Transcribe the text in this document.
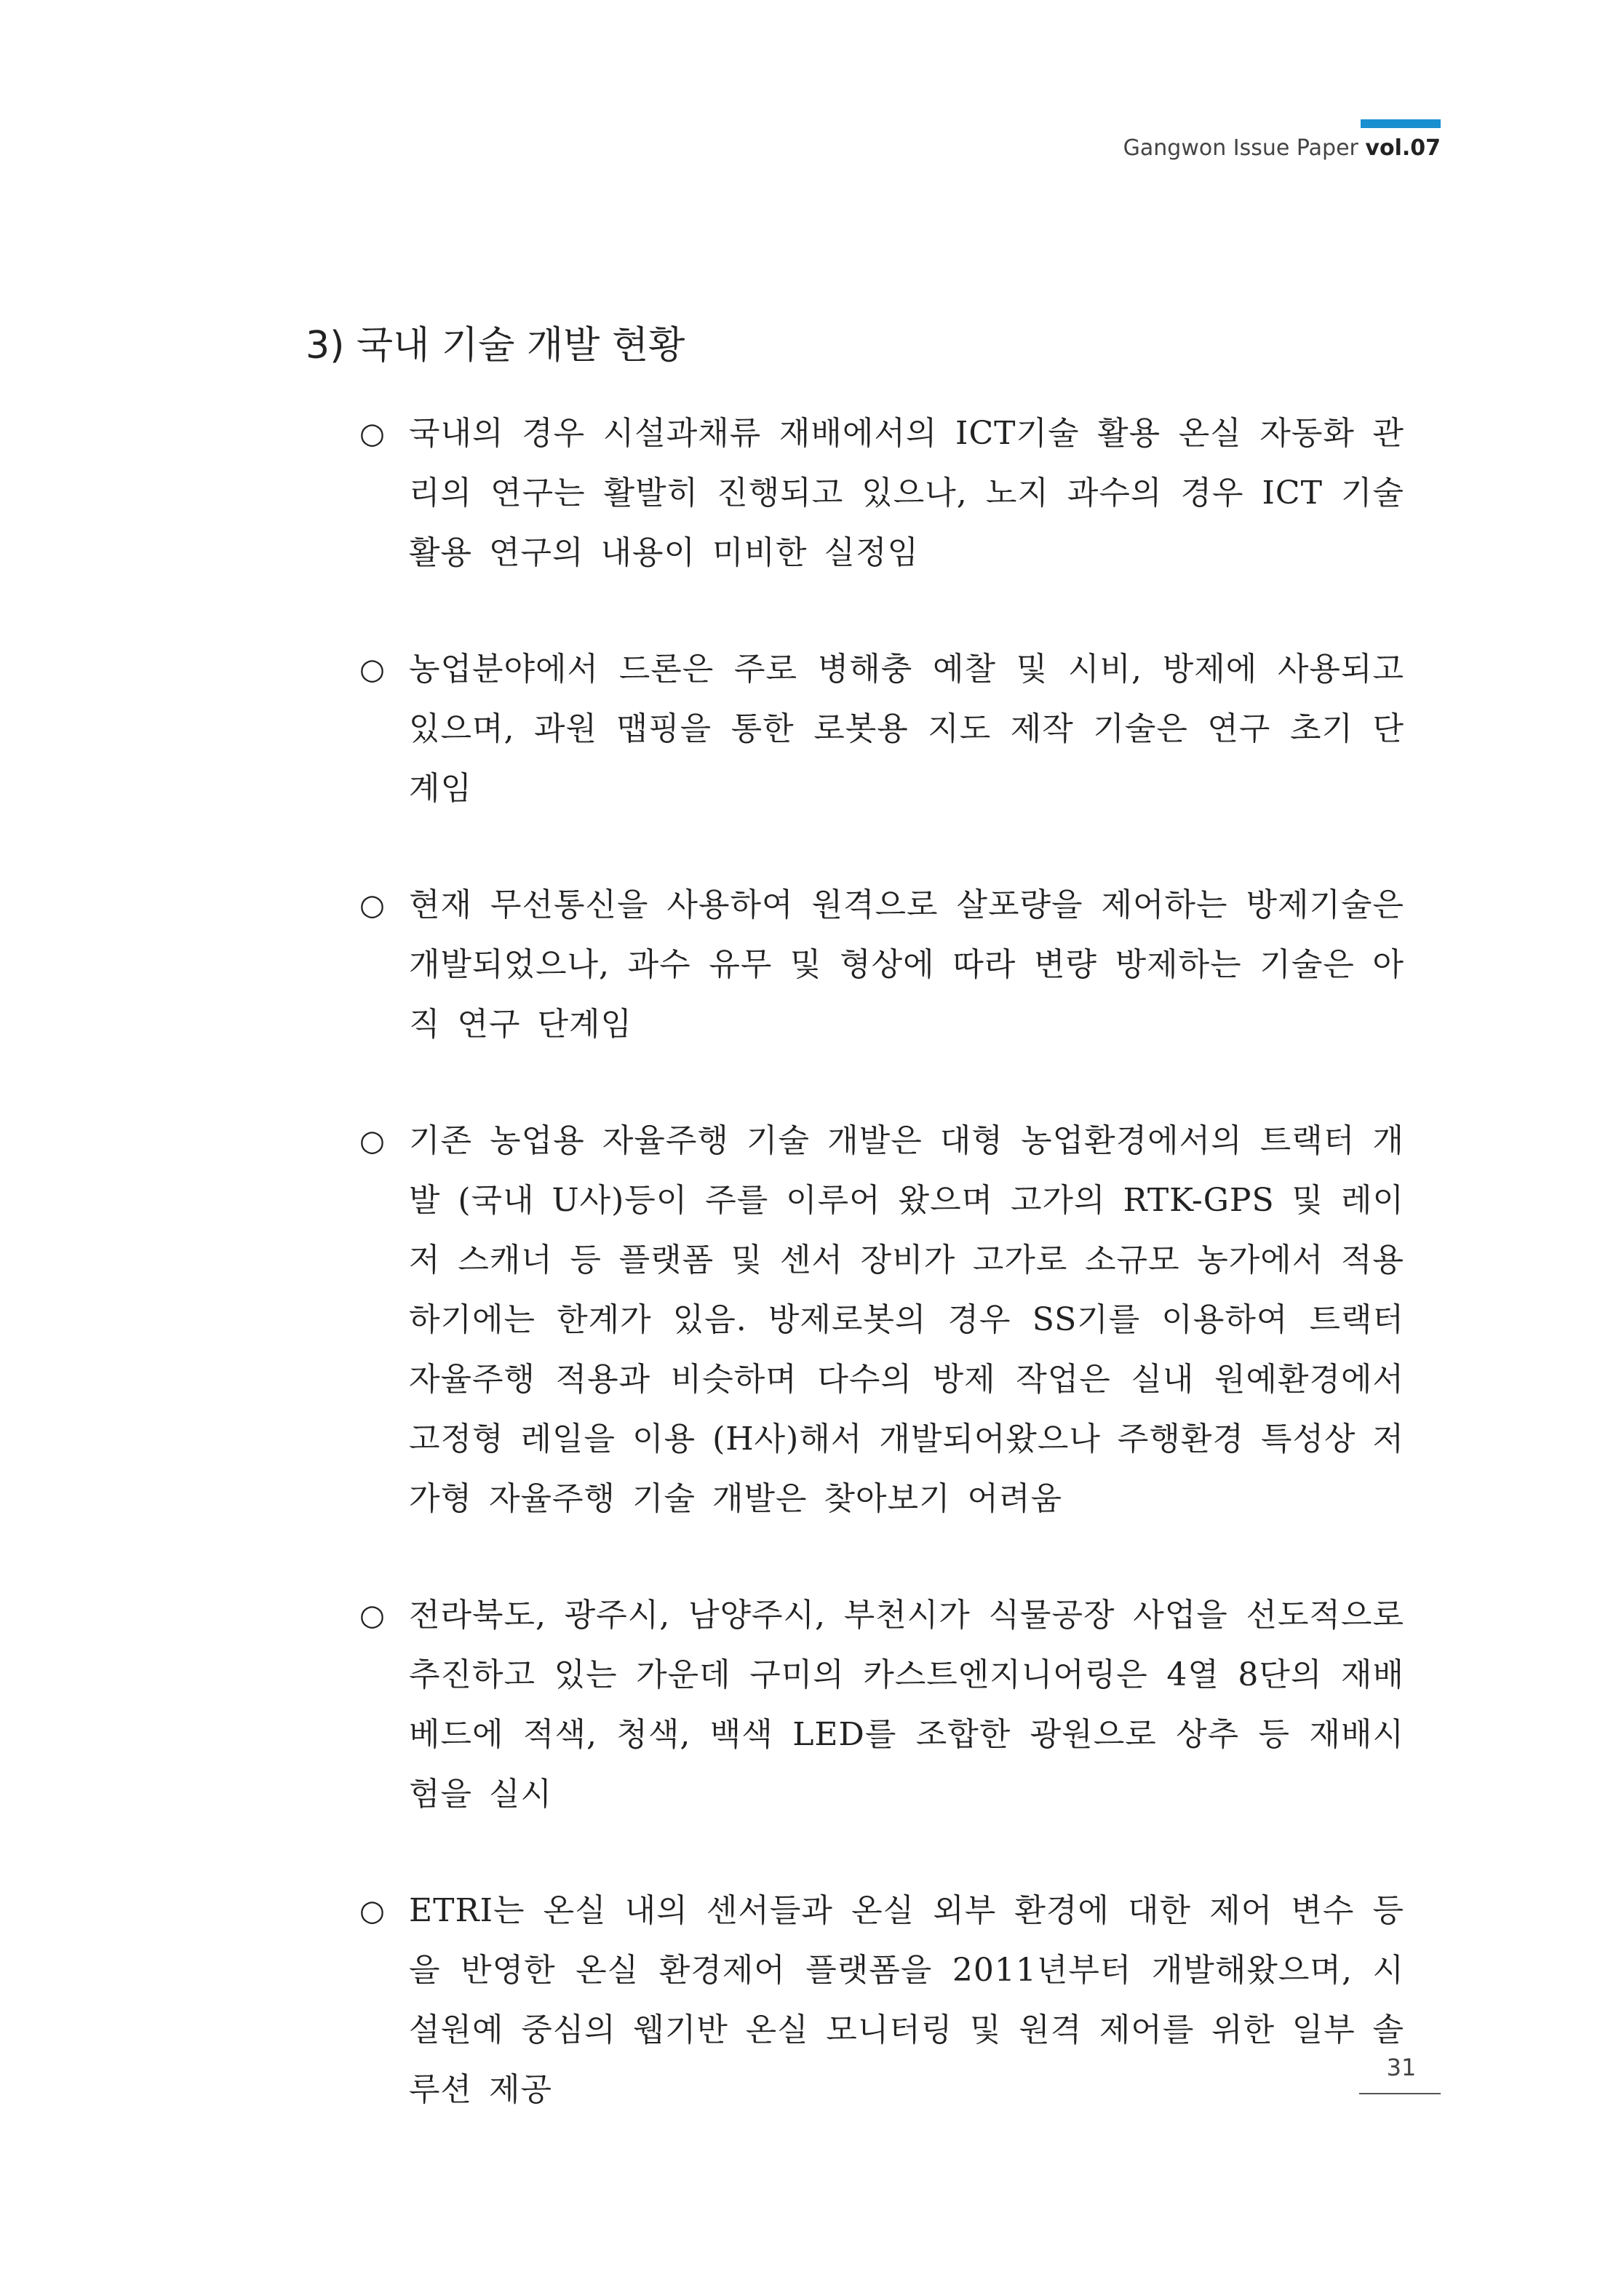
Gangwon Issue Paper vol.07
3) 국내 기술 개발 현황
○ 국내의 경우 시설과채류 재배에서의 ICT기술 활용 온실 자동화 관리의 연구는 활발히 진행되고 있으나, 노지 과수의 경우 ICT 기술 활용 연구의 내용이 미비한 실정임
○ 농업분야에서 드론은 주로 병해충 예찰 및 시비, 방제에 사용되고 있으며, 과원 맵핑을 통한 로봇용 지도 제작 기술은 연구 초기 단계임
○ 현재 무선통신을 사용하여 원격으로 살포량을 제어하는 방제기술은 개발되었으나, 과수 유무 및 형상에 따라 변량 방제하는 기술은 아직 연구 단계임
○ 기존 농업용 자율주행 기술 개발은 대형 농업환경에서의 트랙터 개발 (국내 U사)등이 주를 이루어 왔으며 고가의 RTK-GPS 및 레이저 스캐너 등 플랫폼 및 센서 장비가 고가로 소규모 농가에서 적용하기에는 한계가 있음. 방제로봇의 경우 SS기를 이용하여 트랙터 자율주행 적용과 비슷하며 다수의 방제 작업은 실내 원예환경에서 고정형 레일을 이용 (H사)해서 개발되어왔으나 주행환경 특성상 저가형 자율주행 기술 개발은 찾아보기 어려움
○ 전라북도, 광주시, 남양주시, 부천시가 식물공장 사업을 선도적으로 추진하고 있는 가운데 구미의 카스트엔지니어링은 4열 8단의 재배베드에 적색, 청색, 백색 LED를 조합한 광원으로 상추 등 재배시험을 실시
○ ETRI는 온실 내의 센서들과 온실 외부 환경에 대한 제어 변수 등을 반영한 온실 환경제어 플랫폼을 2011년부터 개발해왔으며, 시설원예 중심의 웹기반 온실 모니터링 및 원격 제어를 위한 일부 솔루션 제공
31
